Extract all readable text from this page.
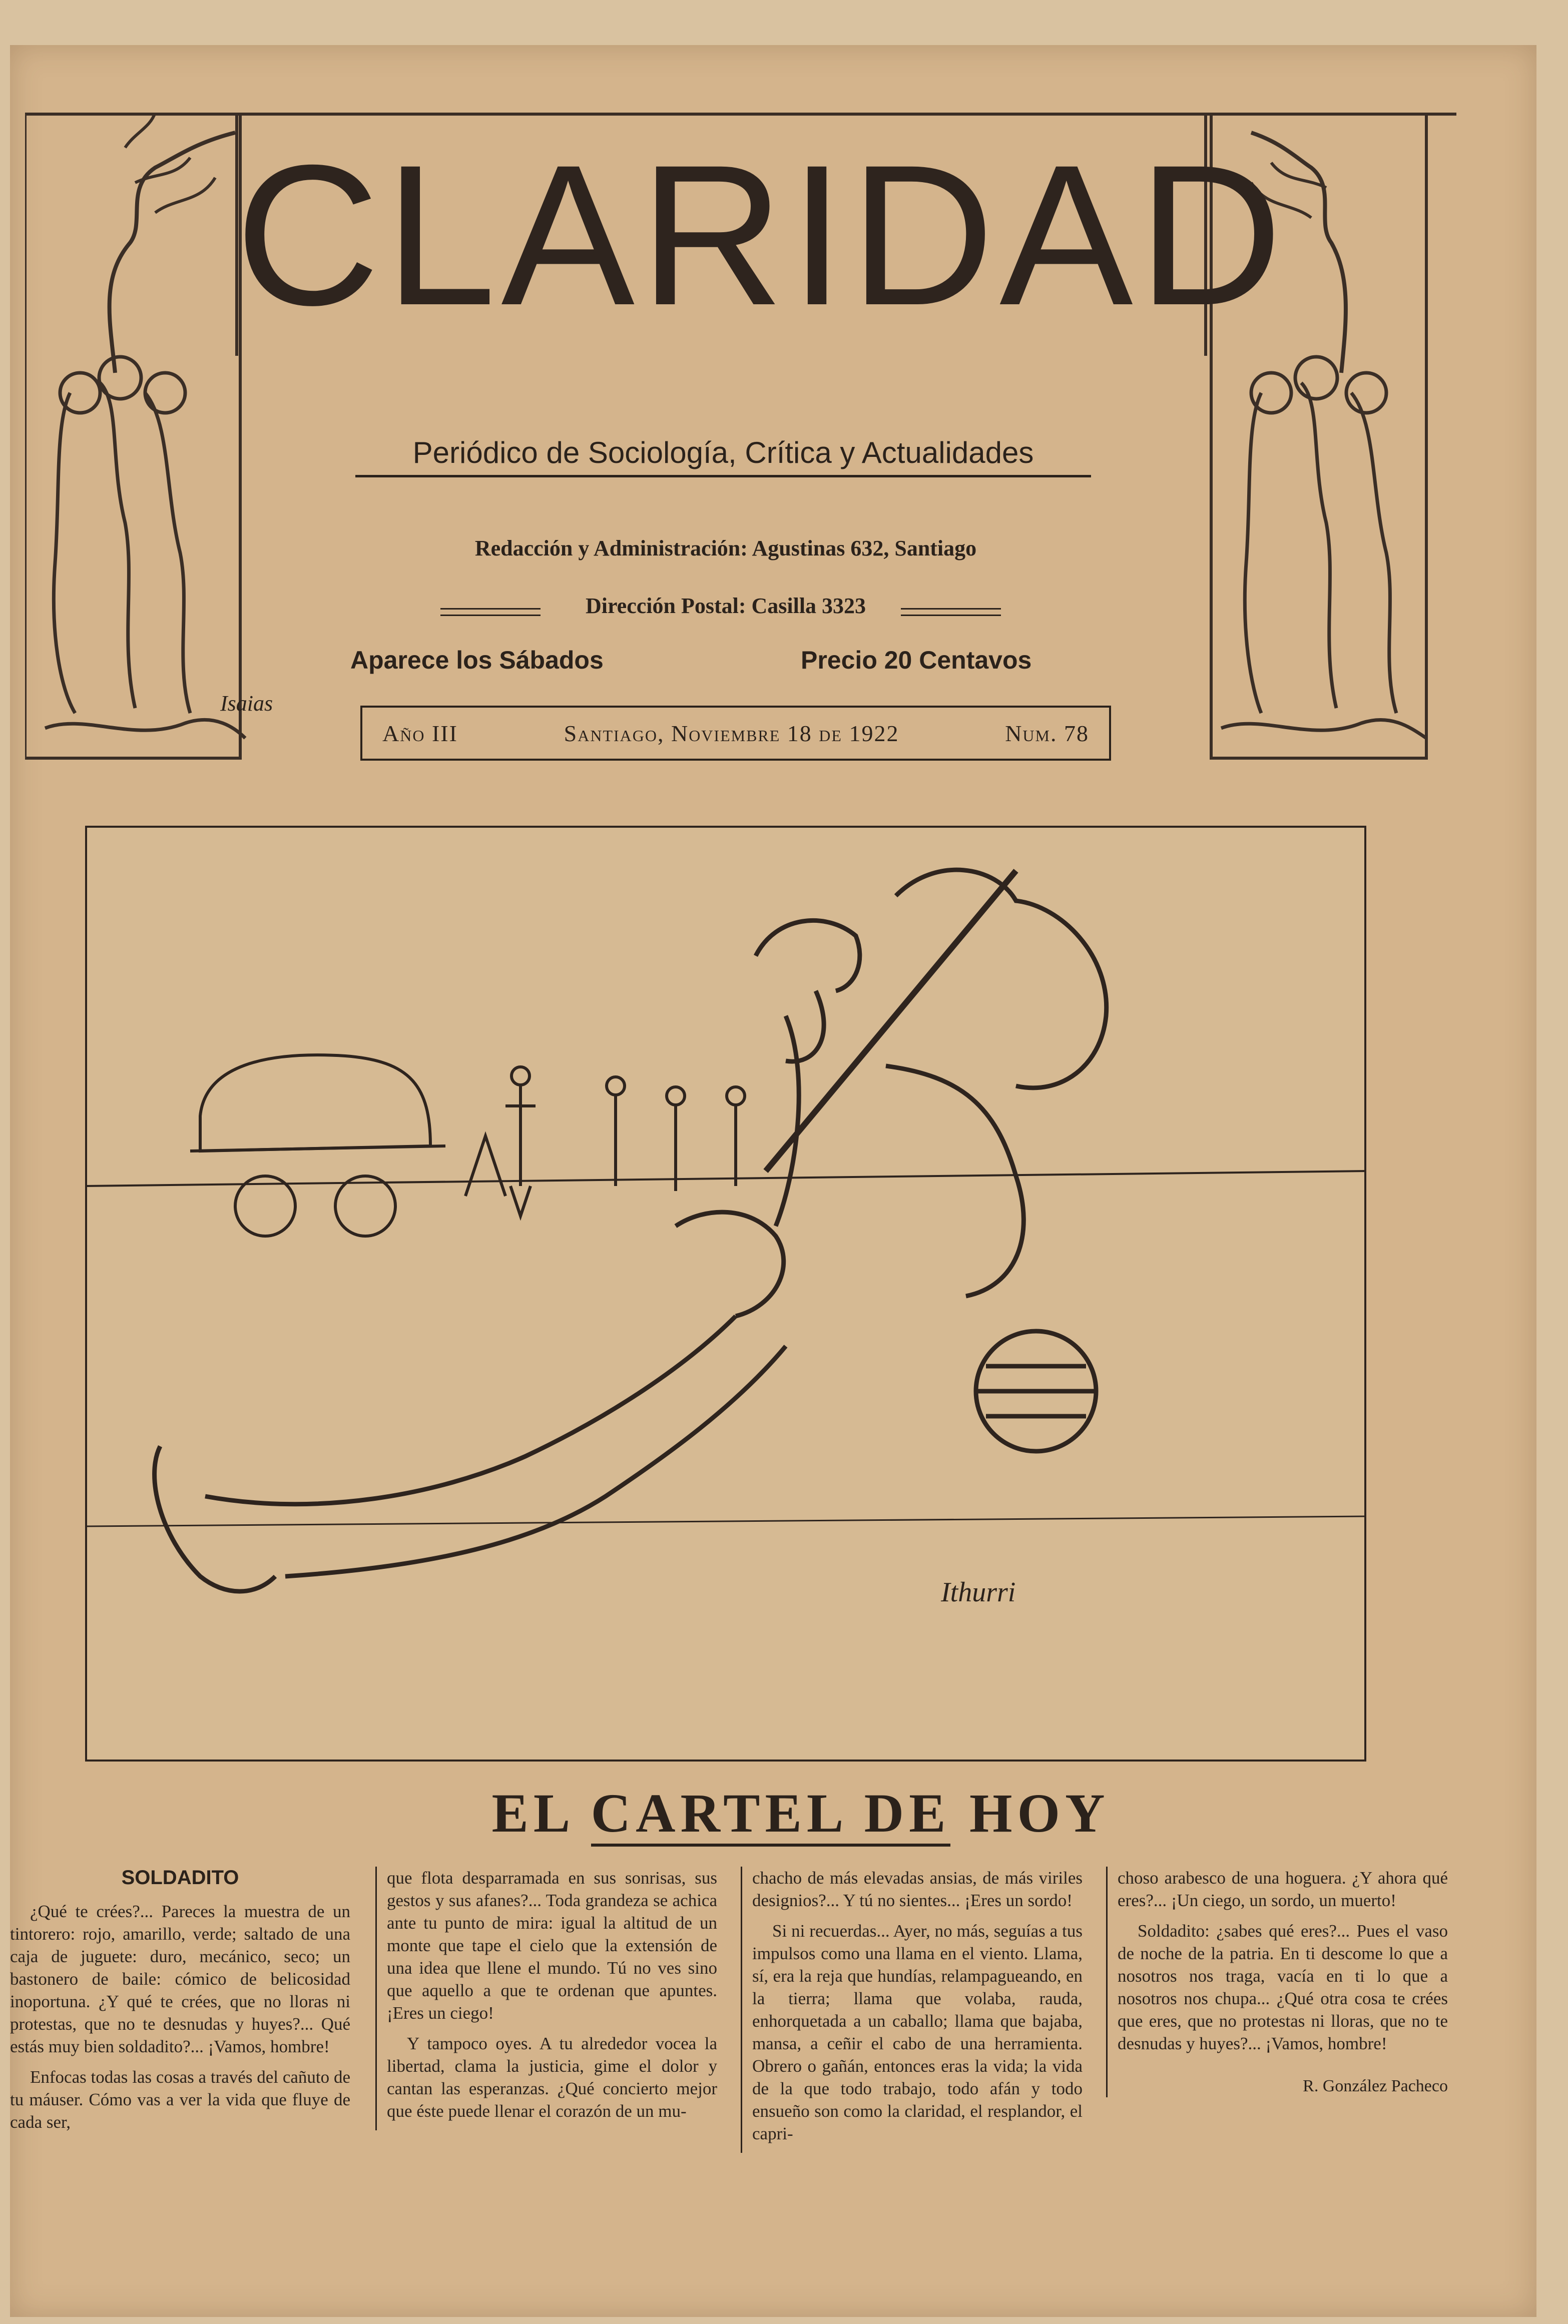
Isaias
CLARIDAD
Periódico de Sociología, Crítica y Actualidades
Redacción y Administración: Agustinas 632, Santiago
Dirección Postal: Casilla 3323
Aparece los Sábados	Precio 20 Centavos
Año III	Santiago, Noviembre 18 de 1922	Num. 78
Ithurri
EL CARTEL DE HOY
SOLDADITO

¿Qué te crées?... Pareces la muestra de un tintorero: rojo, amarillo, verde; saltado de una caja de juguete: duro, mecánico, seco; un bastonero de baile: cómico de belicosidad inoportuna. ¿Y qué te crées, que no lloras ni protestas, que no te desnudas y huyes?... Qué estás muy bien soldadito?... ¡Vamos, hombre!

Enfocas todas las cosas a través del cañuto de tu máuser. Cómo vas a ver la vida que fluye de cada ser,

que flota desparramada en sus sonrisas, sus gestos y sus afanes?... Toda grandeza se achica ante tu punto de mira: igual la altitud de un monte que tape el cielo que la extensión de una idea que llene el mundo. Tú no ves sino que aquello a que te ordenan que apuntes. ¡Eres un ciego!

Y tampoco oyes. A tu alrededor vocea la libertad, clama la justicia, gime el dolor y cantan las esperanzas. ¿Qué concierto mejor que éste puede llenar el corazón de un mu-

chacho de más elevadas ansias, de más viriles designios?... Y tú no sientes... ¡Eres un sordo!

Si ni recuerdas... Ayer, no más, seguías a tus impulsos como una llama en el viento. Llama, sí, era la reja que hundías, relampagueando, en la tierra; llama que volaba, rauda, enhorquetada a un caballo; llama que bajaba, mansa, a ceñir el cabo de una herramienta. Obrero o gañán, entonces eras la vida; la vida de la que todo trabajo, todo afán y todo ensueño son como la claridad, el resplandor, el capri-

choso arabesco de una hoguera. ¿Y ahora qué eres?... ¡Un ciego, un sordo, un muerto!

Soldadito: ¿sabes qué eres?... Pues el vaso de noche de la patria. En ti descome lo que a nosotros nos traga, vacía en ti lo que a nosotros nos chupa... ¿Qué otra cosa te crées que eres, que no protestas ni lloras, que no te desnudas y huyes?... ¡Vamos, hombre!

R. González Pacheco
